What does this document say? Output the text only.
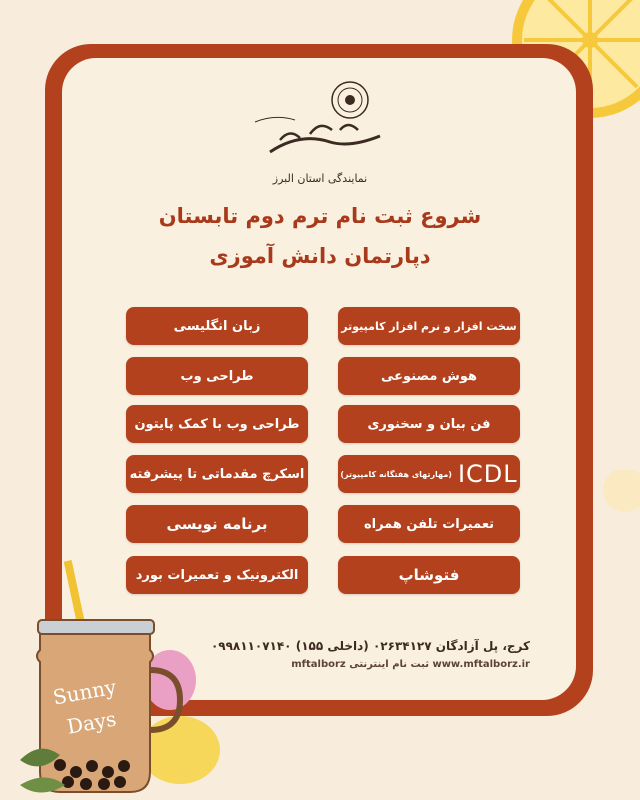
نمایندگی استان البرز
شروع ثبت نام ترم دوم تابستان
دپارتمان دانش آموزی
سخت افزار و نرم افزار کامپیوتر
هوش مصنوعی
فن بیان و سخنوری
ICDL
(مهارتهای هفتگانه کامپیوتر)
تعمیرات تلفن همراه
فتوشاپ
زبان انگلیسی
طراحی وب
طراحی وب با کمک پایتون
اسکرچ مقدماتی تا پیشرفته
برنامه نویسی
الکترونیک و تعمیرات بورد
کرج، پل آزادگان ۰۲۶۳۴۱۲۷ (داخلی ۱۵۵) ۰۹۹۸۱۱۰۷۱۴۰
www.mftalborz.ir ثبت نام اینترنتی mftalborz
Sunny
Days
